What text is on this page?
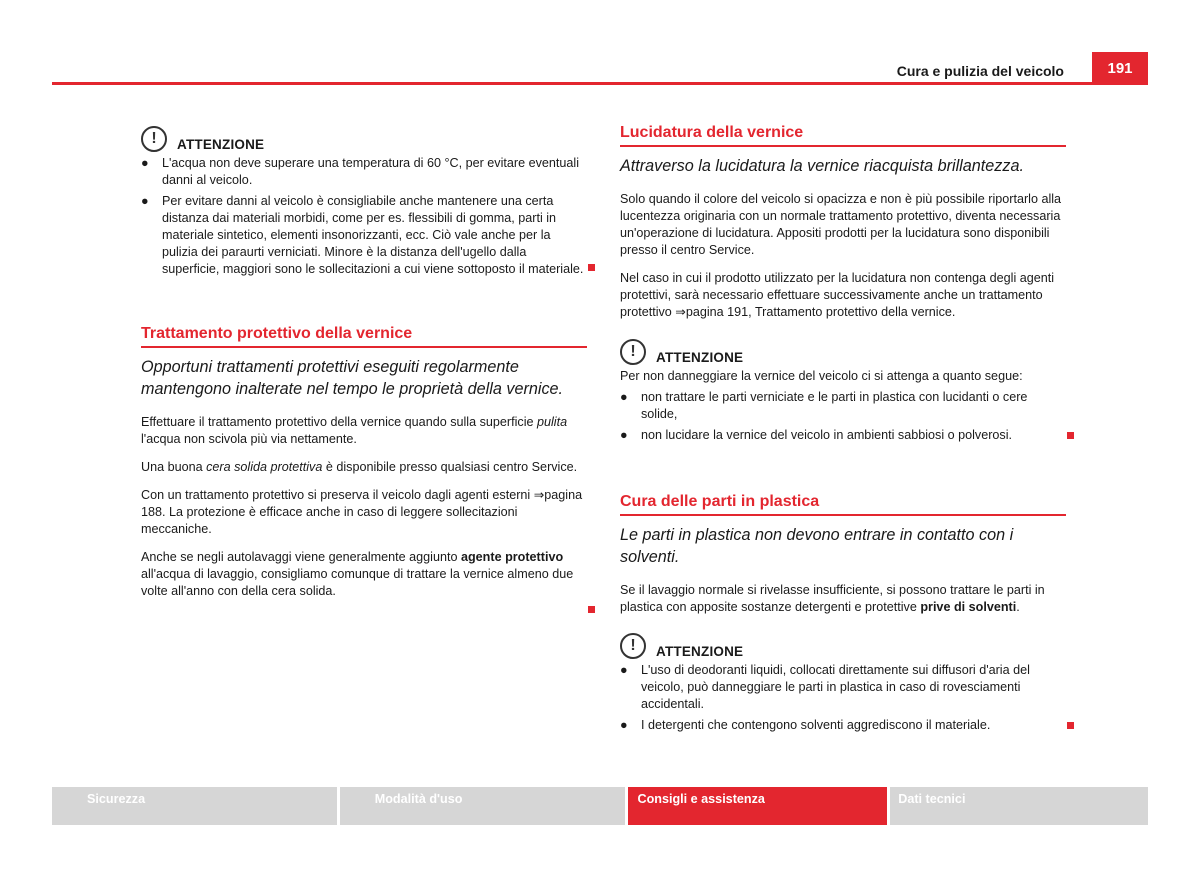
Cura e pulizia del veicolo	191
!	ATTENZIONE
●	L'acqua non deve superare una temperatura di 60 °C, per evitare eventuali danni al veicolo.
●	Per evitare danni al veicolo è consigliabile anche mantenere una certa distanza dai materiali morbidi, come per es. flessibili di gomma, parti in materiale sintetico, elementi insonorizzanti, ecc. Ciò vale anche per la pulizia dei paraurti verniciati. Minore è la distanza dell'ugello dalla superficie, maggiori sono le sollecitazioni a cui viene sottoposto il materiale.
Trattamento protettivo della vernice
Opportuni trattamenti protettivi eseguiti regolarmente mantengono inalterate nel tempo le proprietà della vernice.

Effettuare il trattamento protettivo della vernice quando sulla superficie pulita l'acqua non scivola più via nettamente.

Una buona cera solida protettiva è disponibile presso qualsiasi centro Service.

Con un trattamento protettivo si preserva il veicolo dagli agenti esterni ⇒pagina 188. La protezione è efficace anche in caso di leggere sollecitazioni meccaniche.

Anche se negli autolavaggi viene generalmente aggiunto agente protettivo all'acqua di lavaggio, consigliamo comunque di trattare la vernice almeno due volte all'anno con della cera solida.

Lucidatura della vernice
Attraverso la lucidatura la vernice riacquista brillantezza.

Solo quando il colore del veicolo si opacizza e non è più possibile riportarlo alla lucentezza originaria con un normale trattamento protettivo, diventa necessaria un'operazione di lucidatura. Appositi prodotti per la lucidatura sono disponibili presso il centro Service.

Nel caso in cui il prodotto utilizzato per la lucidatura non contenga degli agenti protettivi, sarà necessario effettuare successivamente anche un trattamento protettivo ⇒pagina 191, Trattamento protettivo della vernice.

!	ATTENZIONE

Per non danneggiare la vernice del veicolo ci si attenga a quanto segue:

●	non trattare le parti verniciate e le parti in plastica con lucidanti o cere solide,
●	non lucidare la vernice del veicolo in ambienti sabbiosi o polverosi.
Cura delle parti in plastica
Le parti in plastica non devono entrare in contatto con i solventi.

Se il lavaggio normale si rivelasse insufficiente, si possono trattare le parti in plastica con apposite sostanze detergenti e protettive prive di solventi.

!	ATTENZIONE
●	L'uso di deodoranti liquidi, collocati direttamente sui diffusori d'aria del veicolo, può danneggiare le parti in plastica in caso di rovesciamenti accidentali.
●	I detergenti che contengono solventi aggrediscono il materiale.
Sicurezza	Modalità d'uso	Consigli e assistenza	Dati tecnici
